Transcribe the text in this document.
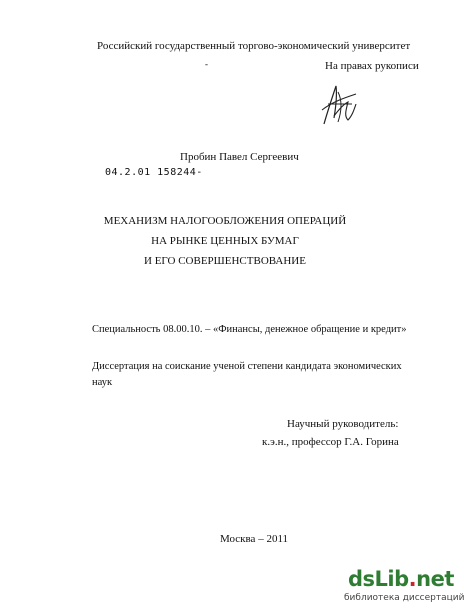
Российский государственный торгово-экономический университет
-	На правах рукописи
Пробин Павел Сергеевич
04.2.01 158244-
МЕХАНИЗМ НАЛОГООБЛОЖЕНИЯ ОПЕРАЦИЙ
НА РЫНКЕ ЦЕННЫХ БУМАГ
И ЕГО СОВЕРШЕНСТВОВАНИЕ
Специальность 08.00.10. – «Финансы, денежное обращение и кредит»
Диссертация на соискание ученой степени кандидата экономических
наук
Научный руководитель:
к.э.н., профессор Г.А. Горина
Москва – 2011
dsLib.net
библиотека диссертаций
